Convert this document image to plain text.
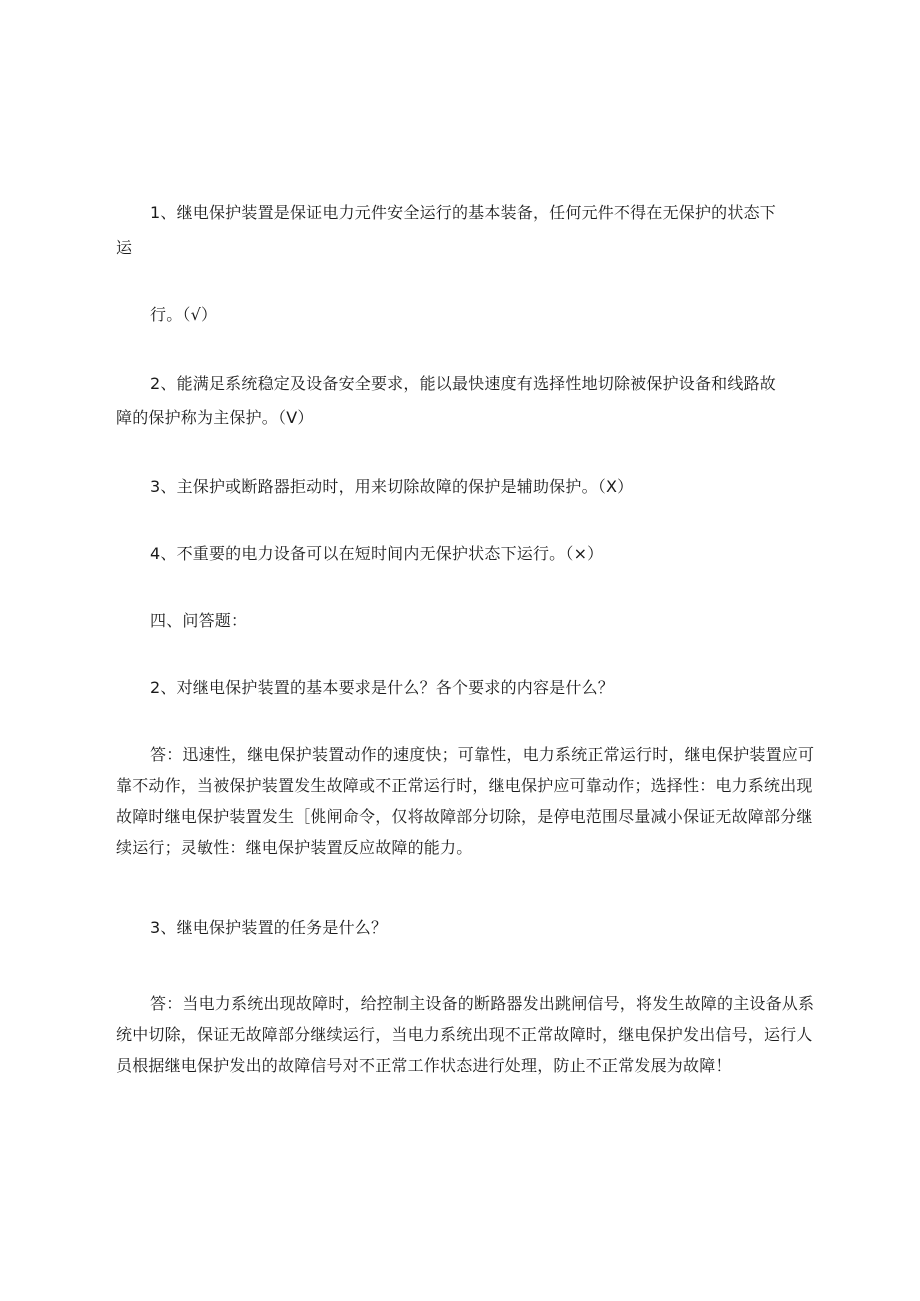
1、继电保护装置是保证电力元件安全运行的基本装备，任何元件不得在无保护的状态下
运
行。（√）
2、能满足系统稳定及设备安全要求，能以最快速度有选择性地切除被保护设备和线路故
障的保护称为主保护。（V）
3、主保护或断路器拒动时，用来切除故障的保护是辅助保护。（X）
4、不重要的电力设备可以在短时间内无保护状态下运行。（×）
四、问答题：
2、对继电保护装置的基本要求是什么？各个要求的内容是什么？
答：迅速性，继电保护装置动作的速度快；可靠性，电力系统正常运行时，继电保护装置应可靠不动作，当被保护装置发生故障或不正常运行时，继电保护应可靠动作；选择性：电力系统出现故障时继电保护装置发生［佻闸命令，仅将故障部分切除，是停电范围尽量减小保证无故障部分继续运行；灵敏性：继电保护装置反应故障的能力。
3、继电保护装置的任务是什么？
答：当电力系统出现故障时，给控制主设备的断路器发出跳闸信号，将发生故障的主设备从系统中切除，保证无故障部分继续运行，当电力系统出现不正常故障时，继电保护发出信号，运行人员根据继电保护发出的故障信号对不正常工作状态进行处理，防止不正常发展为故障！
